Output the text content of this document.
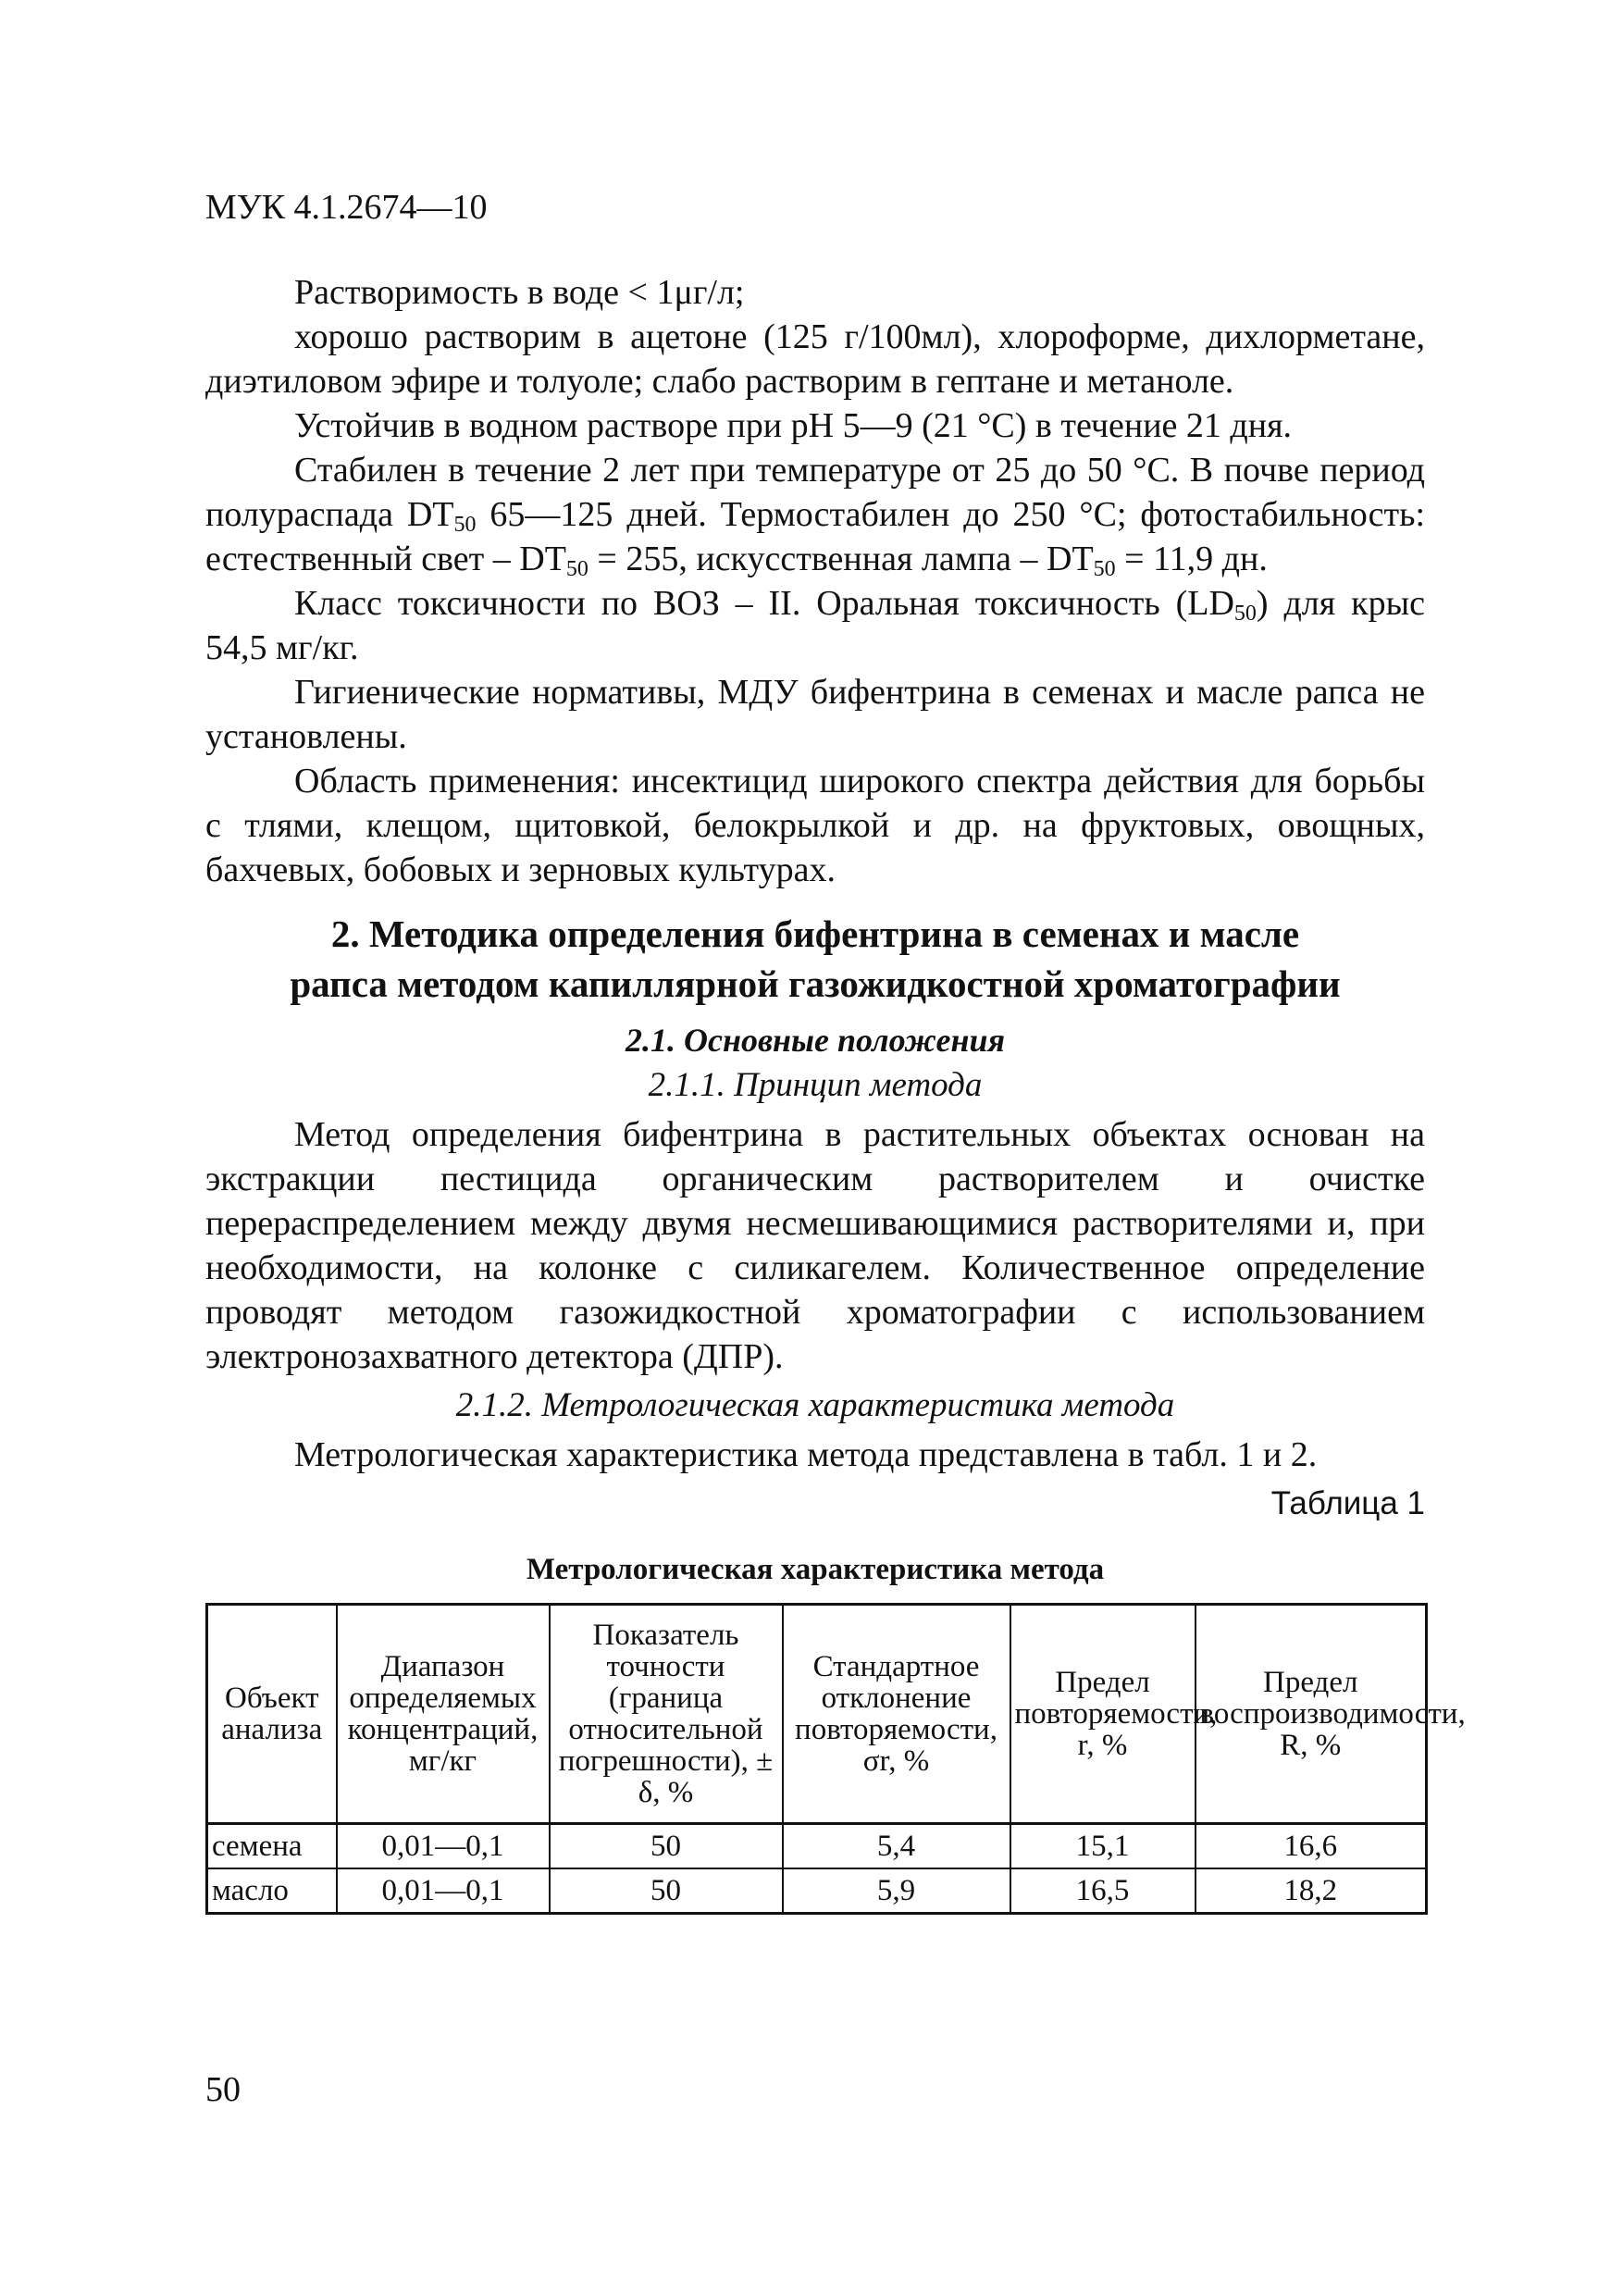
МУК 4.1.2674—10

Растворимость в воде < 1μг/л;

хорошо растворим в ацетоне (125 г/100мл), хлороформе, дихлорметане, диэтиловом эфире и толуоле; слабо растворим в гептане и метаноле.

Устойчив в водном растворе при pH 5—9 (21 °С) в течение 21 дня.

Стабилен в течение 2 лет при температуре от 25 до 50 °С. В почве период полураспада $DT_{50}$ 65—125 дней. Термостабилен до 250 °С; фотостабильность: естественный свет – $DT_{50} = 255$, искусственная лампа – $DT_{50} = 11,9$ дн.

Класс токсичности по ВОЗ – II. Оральная токсичность $(LD_{50})$ для крыс 54,5 мг/кг.

Гигиенические нормативы, МДУ бифентрина в семенах и масле рапса не установлены.

Область применения: инсектицид широкого спектра действия для борьбы с тлями, клещом, щитовкой, белокрылкой и др. на фруктовых, овощных, бахчевых, бобовых и зерновых культурах.

2. Методика определения бифентрина в семенах и масле
рапса методом капиллярной газожидкостной хроматографии
2.1. Основные положения
2.1.1. Принцип метода

Метод определения бифентрина в растительных объектах основан на экстракции пестицида органическим растворителем и очистке перераспределением между двумя несмешивающимися растворителями и, при необходимости, на колонке с силикагелем. Количественное определение проводят методом газожидкостной хроматографии с использованием электронозахватного детектора (ДПР).

2.1.2. Метрологическая характеристика метода

Метрологическая характеристика метода представлена в табл. 1 и 2.

Таблица 1
Метрологическая характеристика метода
Объект анализа	Диапазон определяемых концентраций, мг/кг	Показатель точности (граница относительной погрешности), ± δ, %	Стандартное отклонение повторяемости, σr, %	Предел повторяемости, r, %	Предел воспроизводимости, R, %
семена	0,01—0,1	50	5,4	15,1	16,6
масло	0,01—0,1	50	5,9	16,5	18,2
50
